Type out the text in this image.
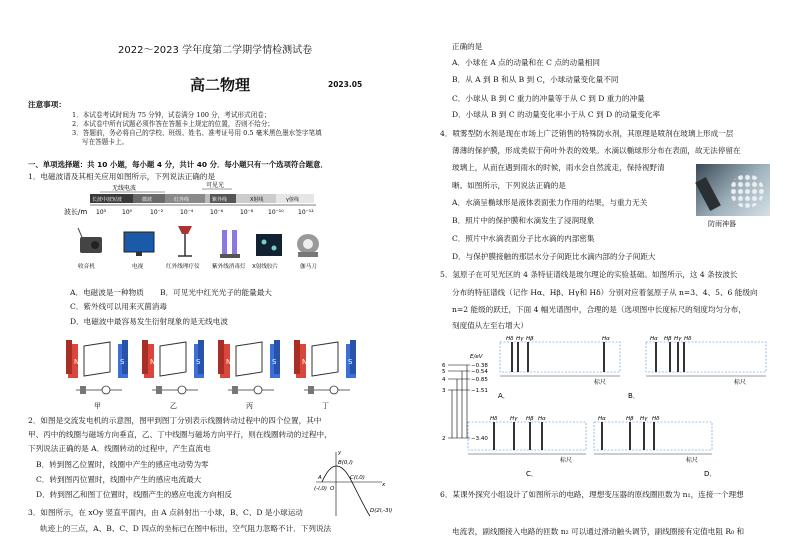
2022～2023 学年度第二学期学情检测试卷
高二物理	2023.05
注意事项：
1．本试卷考试时间为 75 分钟，试卷满分 100 分，考试形式闭卷；
2．本试卷中所有试题必须作答在答题卡上规定的位置，否则不给分；
3．答题前，务必将自己的学校、班级、姓名、准考证号用 0.5 毫米黑色墨水签字笔填
写在答题卡上。
一、单项选择题：共 10 小题，每小题 4 分，共计 40 分．每小题只有一个选项符合题意．
1．电磁波谱及其相关应用如图所示，下列说法正确的是
无线电波	可见光
长波中波短波	微波	红外线	紫外线	X射线	γ射线
波长/m 10³	10⁰	10⁻²	10⁻⁴	10⁻⁶	10⁻⁸ 10⁻¹⁰ 10⁻¹²
收音机	电视	红外线理疗仪 紫外线消毒灯 X射线胶片	伽马刀
A．电磁波是一种物质 B．可见光中红光光子的能量最大
C．紫外线可以用来灭菌消毒
D．电磁波中最容易发生衍射现象的是无线电波
S
甲	乙	丙	丁
2．如图是交流发电机的示意图，图甲到图丁分别表示线圈转动过程中的四个位置，其中
甲、丙中的线圈与磁场方向垂直，乙、丁中线圈与磁场方向平行，则在线圈转动的过程中，
下列说法正确的是 A．线圈转动的过程中，产生直流电
B．转到图乙位置时，线圈中产生的感应电动势为零
C．转到图丙位置时，线圈中产生的感应电流最大
D．转到图乙和图丁位置时，线圈产生的感应电流方向相反
3．如图所示，在 xOy 竖直平面内，由 A 点斜射出一小球，B、C、D 是小球运动
轨迹上的三点，A、B、C、D 四点的坐标已在图中标出，空气阻力忽略不计．下列说法
y
B(0,l)
C(l,0)
A
(-l,0) O
x
D(2l,-3l)
正确的是
A．小球在 A 点的动量和在 C 点的动量相同
B．从 A 到 B 和从 B 到 C，小球动量变化量不同
C．小球从 B 到 C 重力的冲量等于从 C 到 D 重力的冲量
D．小球从 B 到 C 的动量变化率小于从 C 到 D 的动量变化率
4．喷雾型防水剂是现在市场上广泛销售的特殊防水剂，其原理是喷剂在玻璃上形成一层
薄薄的保护膜，形成类似于荷叶外表的效果。水滴以椭球形分布在表面，故无法停留在
玻璃上，从而在遇到雨水的时候，雨水会自然流走，保持视野清
晰。如图所示，下列说法正确的是
防雨神器
A．水滴呈椭球形是液体表面张力作用的结果，与重力无关
B．照片中的保护膜和水滴发生了浸润现象
C．照片中水滴表面分子比水滴的内部密集
D．与保护膜接触的那层水分子间距比水滴内部的分子间距大
5．氢原子在可见光区的 4 条特征谱线是玻尔理论的实验基础。如图所示，这 4 条按波长
分布的特征谱线（记作 Hα、Hβ、Hγ和 Hδ）分别对应着氢原子从 n=3、4、5、6 能级向
n=2 能级的跃迁，下面 4 幅光谱图中，合理的是（选项图中长度标尺的刻度均匀分布，
刻度值从左至右增大）
E/eV
6	−0.38
5	−0.54
4	−0.85
3	−1.51
2	−3.40
Hδ Hγ Hβ	Hα
标尺
A．
Hα Hβ Hγ Hδ
标尺
B．
Hδ Hγ Hβ Hα
标尺
C．
Hα	Hβ Hγ Hδ
标尺
D．
6．某课外探究小组设计了如图所示的电路，理想变压器的原线圈匝数为 n₁，连接一个理想
电流表，副线圈接入电路的匝数 n₂ 可以通过滑动触头调节，副线圈接有定值电阻 R₀ 和
